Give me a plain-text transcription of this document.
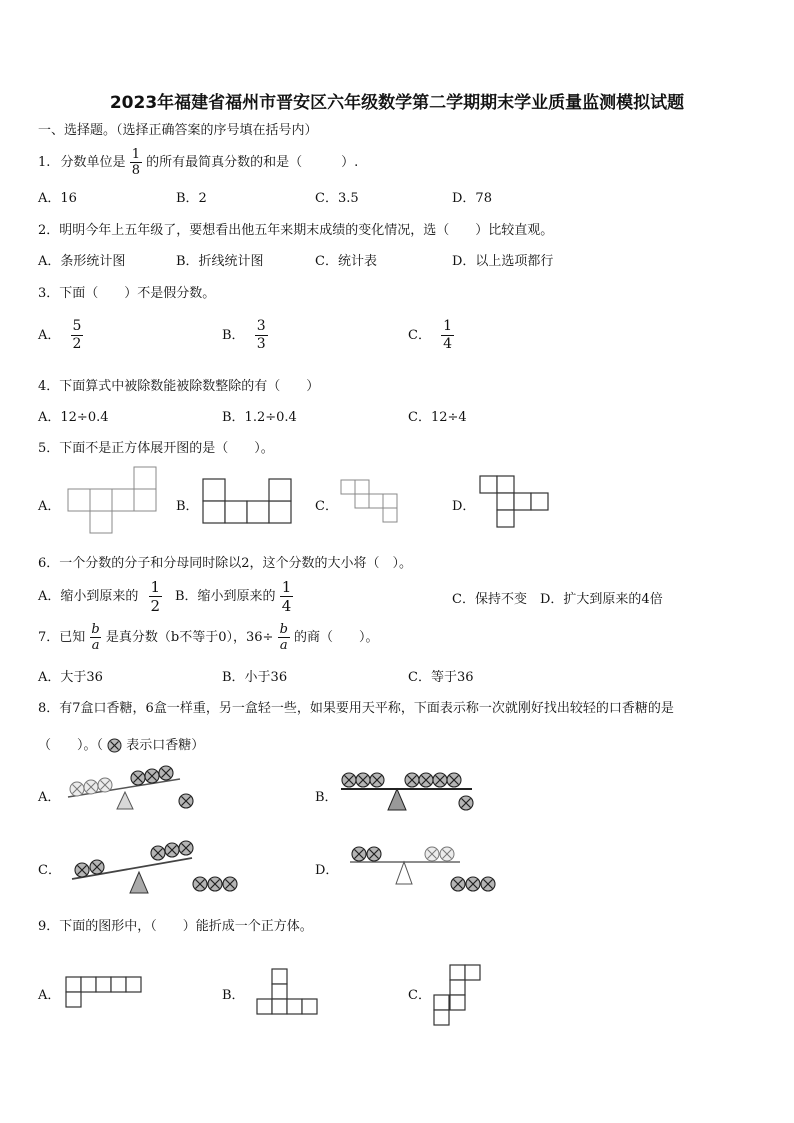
2023年福建省福州市晋安区六年级数学第二学期期末学业质量监测模拟试题
一、选择题。（选择正确答案的序号填在括号内）
1. 分数单位是 $\frac{1}{8}$ 的所有最简真分数的和是（　　　）.
A．16	B．2	C．3.5	D．78
2．明明今年上五年级了，要想看出他五年来期末成绩的变化情况，选（　　）比较直观。
A．条形统计图	B．折线统计图	C．统计表	D．以上选项都行
3．下面（　　）不是假分数。
A． $\frac{5}{2}$	B． $\frac{3}{3}$	C． $\frac{1}{4}$
4．下面算式中被除数能被除数整除的有（　　）
A．12÷0.4	B．1.2÷0.4	C．12÷4
5．下面不是正方体展开图的是（　　）。
A．	B．	C．	D．
6．一个分数的分子和分母同时除以2，这个分数的大小将（　）。
A．缩小到原来的 $\frac{1}{2}$ B．缩小到原来的 $\frac{1}{4}$	C．保持不变 D．扩大到原来的4倍
7．已知 $\frac{b}{a}$ 是真分数（b不等于0），$36\div \frac{b}{a}$ 的商（　　）。
A．大于36	B．小于36	C．等于36
8．有7盒口香糖，6盒一样重，另一盒轻一些，如果要用天平称，下面表示称一次就刚好找出较轻的口香糖的是
（　　）。（ 表示口香糖）
A．	B．
C．	D．
9．下面的图形中，（　　）能折成一个正方体。
A．	B．	C．
